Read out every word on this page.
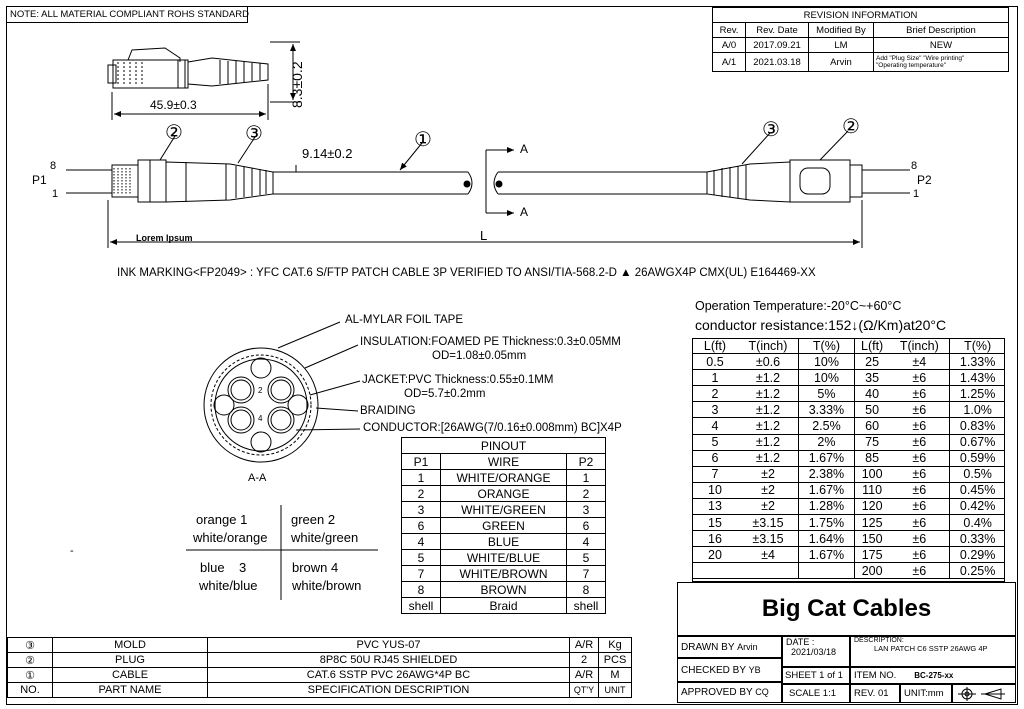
NOTE: ALL MATERIAL COMPLIANT ROHS STANDARD	REVISION INFORMATION			
Rev.	Rev. Date	Modified By	Brief Description
A/0	2017.09.21	LM	NEW
A/1	2021.03.18	Arvin	Add "Plug Size" "Wire printing"
"Operating temperature"
45.9±0.3	8.3±0.2
9.14±0.2
L
Lorem Ipsum
A
A
②	③	①	③	②
P1
8
1
P2
8
1
INK MARKING<FP2049> : YFC CAT.6 S/FTP PATCH CABLE 3P VERIFIED TO ANSI/TIA-568.2-D ▲ 26AWGX4P CMX(UL) E164469-XX
AL-MYLAR FOIL TAPE
INSULATION:FOAMED PE Thickness:0.3±0.05MM
OD=1.08±0.05mm
JACKET:PVC Thickness:0.55±0.1MM
OD=5.7±0.2mm
BRAIDING
CONDUCTOR:[26AWG(7/0.16±0.008mm) BC]X4P
A-A
2
4
orange 1
white/orange
green 2
white/green
blue    3
white/blue
brown 4
white/brown
-
PINOUT		
P1	WIRE	P2
1	WHITE/ORANGE	1
2	ORANGE	2
3	WHITE/GREEN	3
6	GREEN	6
4	BLUE	4
5	WHITE/BLUE	5
7	WHITE/BROWN	7
8	BROWN	8
shell	Braid	shell
Operation Temperature:-20°C~+60°C
conductor resistance:152↓(Ω/Km)at20°C
L(ft)	T(inch)	T(%)	L(ft)	T(inch)	T(%)
0.5	±0.6	10%	25	±4	1.33%
1	±1.2	10%	35	±6	1.43%
2	±1.2	5%	40	±6	1.25%
3	±1.2	3.33%	50	±6	1.0%
4	±1.2	2.5%	60	±6	0.83%
5	±1.2	2%	75	±6	0.67%
6	±1.2	1.67%	85	±6	0.59%
7	±2	2.38%	100	±6	0.5%
10	±2	1.67%	110	±6	0.45%
13	±2	1.28%	120	±6	0.42%
15	±3.15	1.75%	125	±6	0.4%
16	±3.15	1.64%	150	±6	0.33%
20	±4	1.67%	175	±6	0.29%
			200	±6	0.25%
Big Cat Cables
③	MOLD	PVC YUS-07	A/R	Kg
②	PLUG	8P8C 50U RJ45 SHIELDED	2	PCS
①	CABLE	CAT.6 SSTP PVC 26AWG*4P BC	A/R	M
NO.	PART NAME	SPECIFICATION DESCRIPTION	QT'Y	UNIT
DRAWN BY Arvin
CHECKED BY YB
APPROVED BY CQ
DATE :
2021/03/18
SHEET 1 of 1
SCALE 1:1
DESCRIPTION:
LAN PATCH C6 SSTP 26AWG 4P
ITEM NO. BC-275-xx
REV. 01	UNIT:mm
